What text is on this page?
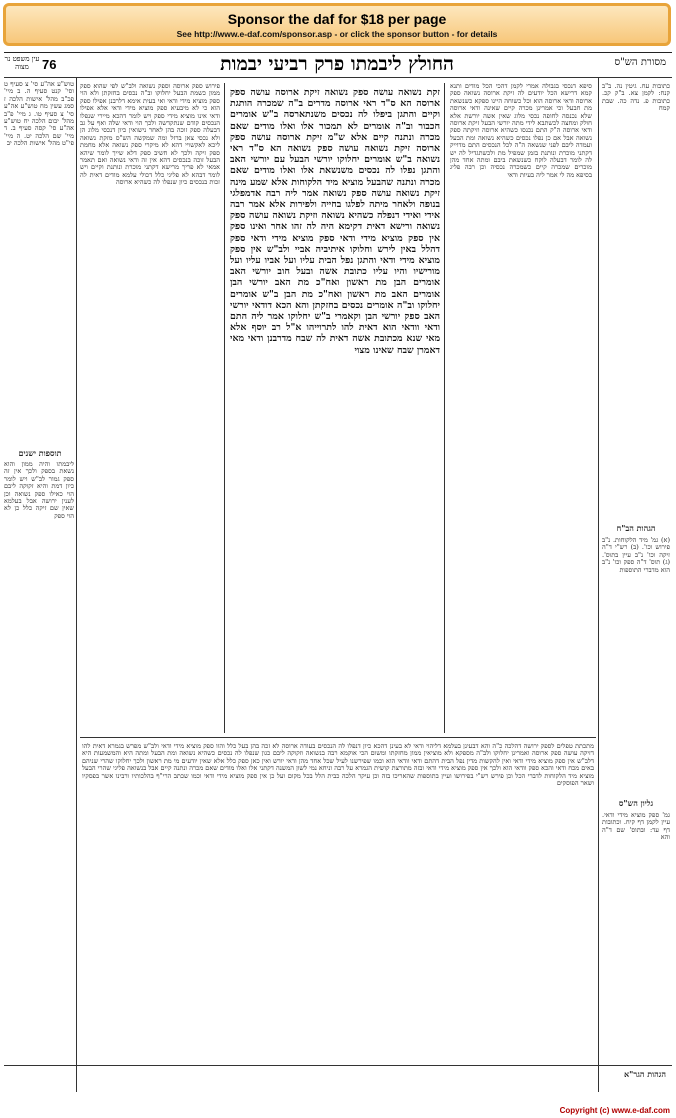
Sponsor the daf for $18 per page
See http://www.e-daf.com/sponsor.asp - or click the sponsor button - for details
עין משפט נר מצוה	76	החולץ ליבמתו פרק רביעי יבמות	מסורת הש"ס
טוש"ע אה"ע סי' צ סעיף ט וסי' קנט סעיף ה. ב מיי' פכ"ב מהל' אישות הלכה ז סמג עשין מח טוש"ע אה"ע סי' צ סעיף טו. ג מיי' פ"ב מהל' יבום הלכה יח טוש"ע אה"ע סי' קסה סעיף ב. ד מיי' שם הלכה יט. ה מיי' פי"ט מהל' אישות הלכה יב
תוספות ישנים
ליבמתו והיה ממון והוא נשאת בספק ולכך אין זה ספק גמור לב"ש ויש לומר כיון דמת והיא זקוקה ליבם הוי כאילו ספק נשואה וכן לענין ירושה אבל בעלמא שאין שם זיקה כלל כן לא הוי ספק
פירוש ספק ארוסה וספק נשואה ולב"ש לפי שהוא ספק ממון כשמת הבעל יחלוקו וב"ה נכסים בחזקתן ולא הוי ספק מוציא מידי ודאי ואי בעית אימא דלרבנן אפילו ספק הוא כי לא מיבעיא ספק מוציא מידי ודאי אלא אפילו ודאי אינו מוציא מידי ספק ויש לומר דהכא מיירי שנפלו הנכסים קודם שנתקדשה ולכך הוי ודאי שלה ואף על גב דבעלה ספק זוכה בהן לאחר נישואין כיון דנכסי מלוג הן ולא נכסי צאן ברזל ומה שמקשה הש"ס מזקת נשואה ליכא לאקשויי דהא לא מיקרי ספק נשואה אלא מחמת ספק זיקה ולכך לא חשיב ספק דלא שייך לומר שיהא הבעל זוכה בנכסים דהא אין זה ודאי נשואה ואם תאמר אמאי לא פריך מרישא דקתני מוכרת ונותנת וקיים ויש לומר דבהא לא פליגי כלל דכולי עלמא מודים דאית לה זכות בנכסים כיון שנפלו לה כשהיא ארוסה
זקת נשואה עושה ספק נשואה זיקת ארוסה עושה ספק ארוסה הא ס"ד ראי ארוסה מדרים ב"ה שמכרה הותגת וקיים והתגן ביפלו לה נכסים משנתארסה ב"ש אומרים חכבור וב"ה אומרים לא תמכור אלו ואלו מודים שאם מכרה ונתנה קיים אלא ש"מ זיקת ארוסה עושה ספק ארוסה זיקת נשואה עושה ספק נשואה הא ס"ד ראי נשואה ב"ש אומרים יחלוקו יורשי הבעל עם יורשי האב והתגן נפלו לה נכסים משנשאת אלו ואלו מודים שאם מכרה ונתנה שהבעל מוציא מיד הלקוחות אלא שמע מינה זיקת נשואה עושה ספק נשואה אמר ליה רבה אדמפלגי בנופה ולאחר מיתה לפלגו בחייה ולפירות אלא אמר רבה אידי ואידי דנפלה כשהיא נשואה וזיקת נשואה עושה ספק נשואה ורישא דאית דקימא היה לה זהו אחר ואינו ספק אין ספק מוציא מידי ודאי ספק מוציא מידי ודאי ספק דהלל באין לירש וחלוקו איתיביה אביי ולב"ש אין ספק מוציא מידי ודאי והתגן נפל הבית עליו ועל אביו עליו ועל מורישיו והיו עליו כתובת אשה ובעל חוב יורשי האב אומרים הבן מת ראשון ואח"כ מת האב יורשי הבן אומרים האב מת ראשון ואח"כ מת הבן ב"ש אומרים יחלוקו וב"ה אומרים נכסים בחזקתן והא הכא דודאי יורשי האב ספק יורשי הבן וקאמרי ב"ש יחלוקו אמר ליה התם ודאי וודאי הוא דאית להו לתרוייהו א"ל רב יוסף אלא מאי שנא מכתובת אשה דאית לה שבח מדרבנן ודאי מאי דאמרן שבח שאינו מצוי
סיפא דנכסי בגבולה אמרי לקמן דהכי הכל מודים ותנא קמא דרישא הכל יודעים לה זיקת ארוסה נשואה ספק ארוסה ודאי ארוסה הוא וכל כשוחה היינו ספקא כשנשאת מת חבעל וכי אמרינן מכרה קיים שאינה ודאי ארוסה שלא נכנסה לחופה נכסי מלוג שאין אשה יורשת אלא חולק ומחצה לכשתבא לידי מתה יורשי הבעל זיקת ארוסה ודאי ארוסה ה"ק התם נכנסו כשהיא ארוסה וזיקתה ספק נשואה אבל אם כן נפלו נכסים כשהיא נשואה ומת הבעל ועמדה ליבם לפני שנשאה ה"ה לכל הנכסים התם מדוייק דקתני מוכרת ונותנת בזמן שמפיל מת ולכשתגדיל לה יש לה לומר דבעלה לוקח כשנשאת ביבם ומתה אחד מהן מוכרים שמכרה קיים כשמכרה נכסיה וכן רבה פליג בסיפא מה לי אמר ליה בעיות ודאי
כתובות עח. גיטין נה. ב"ב קנח: לקמן צא. ב"ק קכ. כתובות פ. נדה כה. שבת קמח
הגהות הב"ח
(א) גמ' מיד הלקוחות. נ"ב פירוש וכו'. (ב) רש"י ד"ה זיקה וכו' נ"ב עיין בתוס'. (ג) תוס' ד"ה ספק וכו' נ"ב הוא מדברי התוספות
גליון הש"ס
גמ' ספק מוציא מידי ודאי. עיין לקמן דף קיח. וכתובות דף עד: ובתוס' שם ד"ה והא
מתכתת טפלים לספק ירושה דהלכה כ"ה והא דבעינן בעלמא דליהוי ודאי לא בעינן דהכא כיון דנפלו לה הנכסים בעודה ארוסה לא זכה בהן בעל כלל והוו ספק מוציא מידי ודאי ולב"ש מפרש בגמרא דאית להו דזיקה עושה ספק ארוסה ואמרינן יחלוקו ולב"ה מספקא ולא מוציאין ממון מחזקתו ומשום הכי אוקמא רבה בנשואה וזקוקה ליבם כגון שנפלו לה נכסים כשהיא נשואה ומת הבעל ומתה היא והמשמעות היא דלב"ש אין ספק מוציא מידי ודאי ואין להקשות מדין נפל הבית דהתם ודאי וודאי הוא וכמו שפירשנו לעיל שכל אחד מהן ודאי יורש ואין כאן ספק כלל אלא שאין יודעים מי מת ראשון ולכך יחלוקו שהרי שניהם באים מכח ודאי והכא ספק וודאי הוא ולכך אין ספק מוציא מידי ודאי ובזה מתורצת קושית הגמרא על רבה וניחא נמי לשון המשנה דקתני אלו ואלו מודים שאם מכרה ונתנה קיים אבל בנשואה פליגי שהרי הבעל מוציא מיד הלקוחות לדברי הכל וכן פירש רש"י בפירושו ועיין בתוספות שהאריכו בזה וכן עיקר הלכה כבית הלל בכל מקום ועל כן אין ספק מוציא מידי ודאי וכמו שכתב הרי"ף בהלכותיו ורבינו אשר בפסקיו ושאר הפוסקים
הגהות הגר"א
Copyright (c) www.e-daf.com
